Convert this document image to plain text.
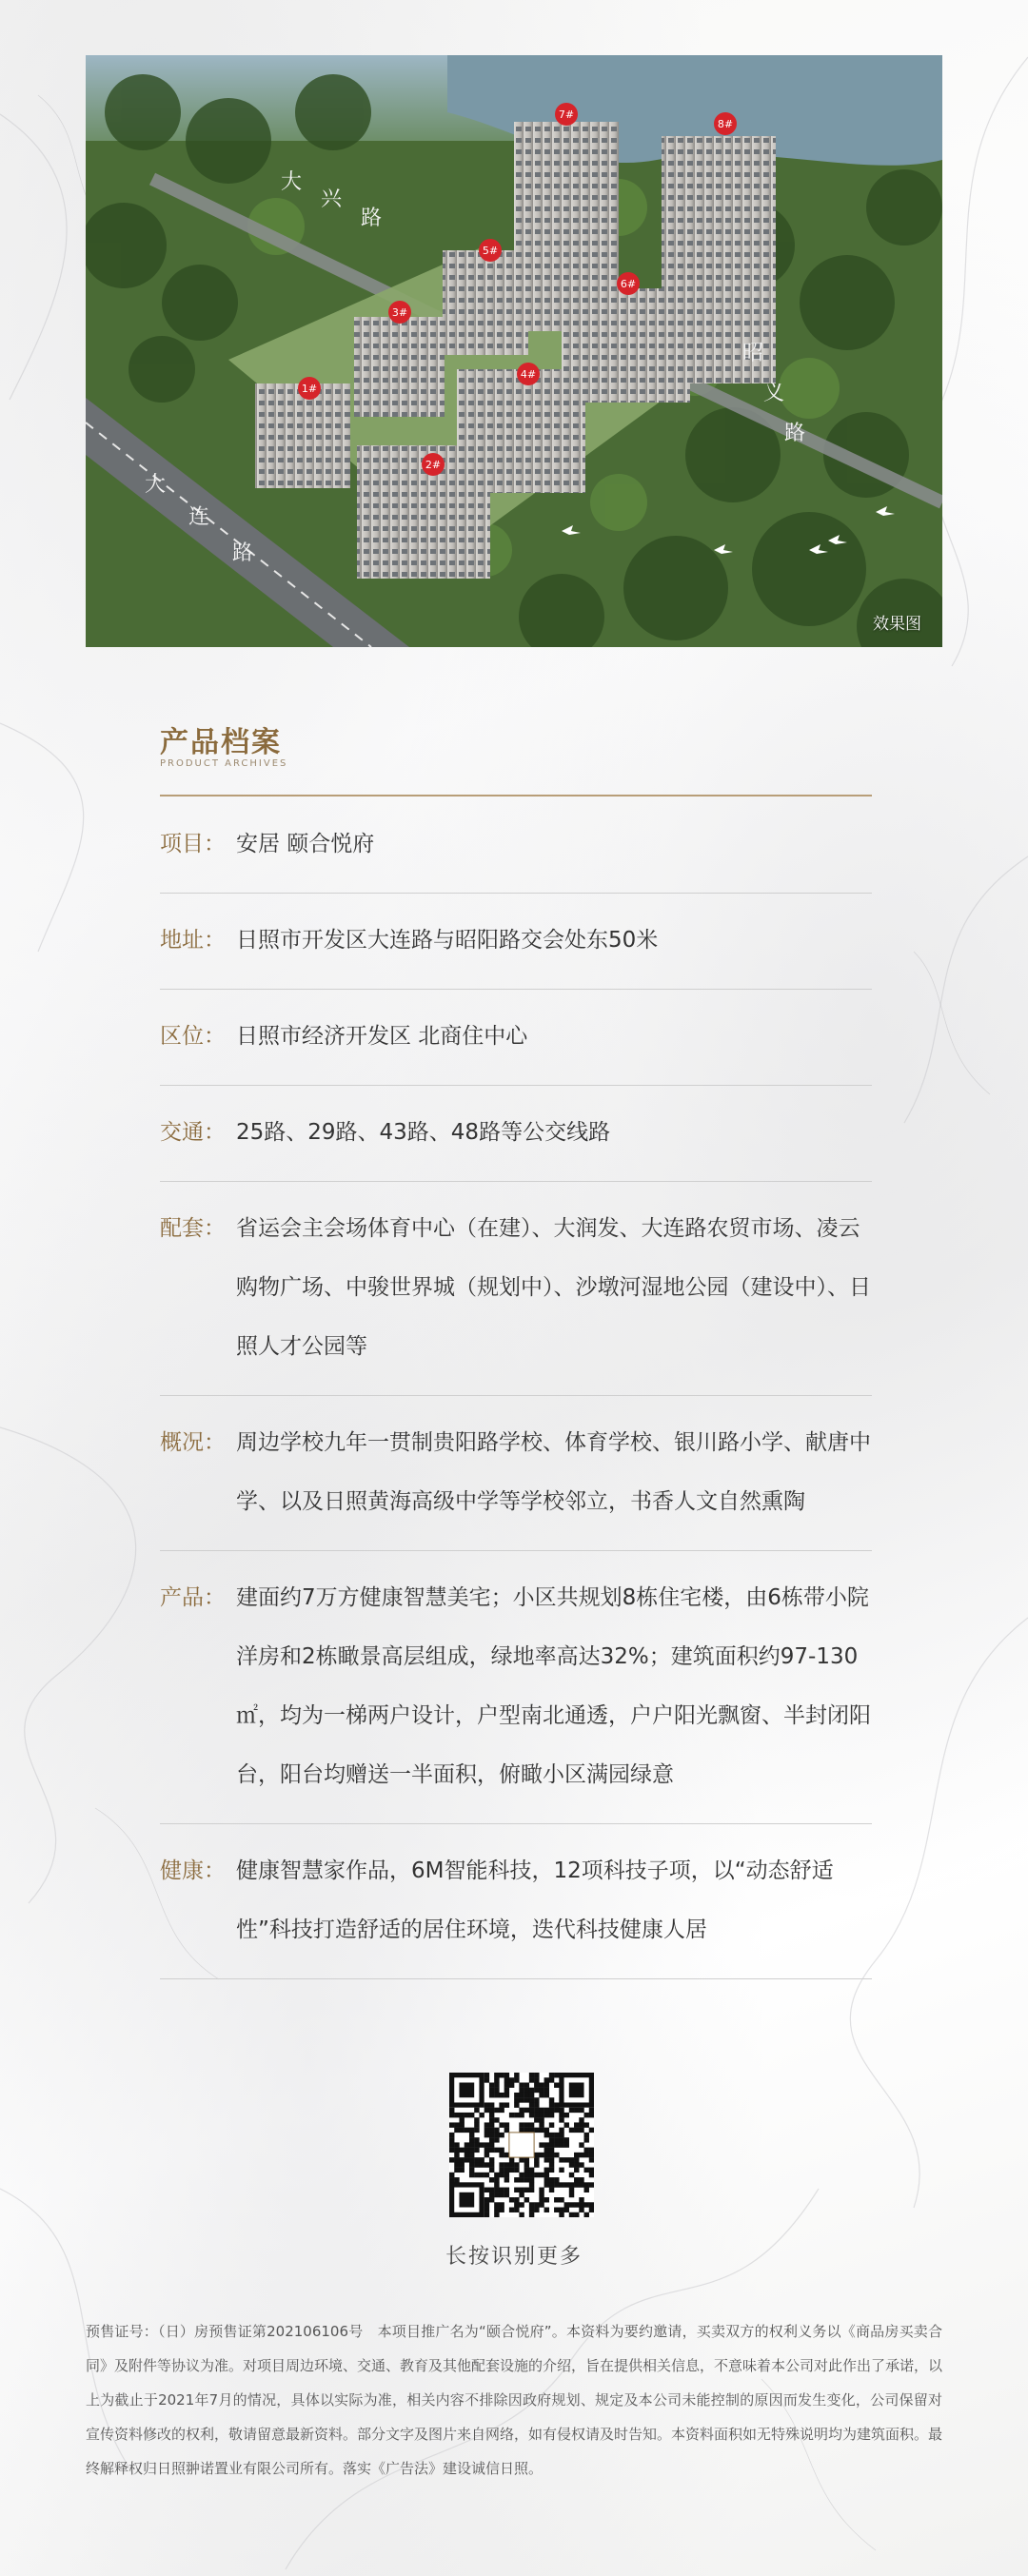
大
兴
路
大
连
路
昭
义
路
1#
2#
3#
4#
5#
6#
7#
8#
效果图
产品档案
PRODUCT ARCHIVES
项目： 安居 颐合悦府
地址： 日照市开发区大连路与昭阳路交会处东50米
区位： 日照市经济开发区 北商住中心
交通： 25路、29路、43路、48路等公交线路
配套： 省运会主会场体育中心（在建）、大润发、大连路农贸市场、凌云购物广场、中骏世界城（规划中）、沙墩河湿地公园（建设中）、日照人才公园等
概况： 周边学校九年一贯制贵阳路学校、体育学校、银川路小学、献唐中学、以及日照黄海高级中学等学校邻立，书香人文自然熏陶
产品： 建面约7万方健康智慧美宅；小区共规划8栋住宅楼，由6栋带小院洋房和2栋瞰景高层组成，绿地率高达32%；建筑面积约97-130㎡，均为一梯两户设计，户型南北通透，户户阳光飘窗、半封闭阳台，阳台均赠送一半面积，俯瞰小区满园绿意
健康： 健康智慧家作品，6M智能科技，12项科技子项，以“动态舒适性”科技打造舒适的居住环境，迭代科技健康人居
长按识别更多
预售证号：（日）房预售证第202106106号　本项目推广名为“颐合悦府”。本资料为要约邀请，买卖双方的权利义务以《商品房买卖合同》及附件等协议为准。对项目周边环境、交通、教育及其他配套设施的介绍，旨在提供相关信息，不意味着本公司对此作出了承诺，以上为截止于2021年7月的情况，具体以实际为准，相关内容不排除因政府规划、规定及本公司未能控制的原因而发生变化，公司保留对宣传资料修改的权利，敬请留意最新资料。部分文字及图片来自网络，如有侵权请及时告知。本资料面积如无特殊说明均为建筑面积。最终解释权归日照翀诺置业有限公司所有。落实《广告法》建设诚信日照。
